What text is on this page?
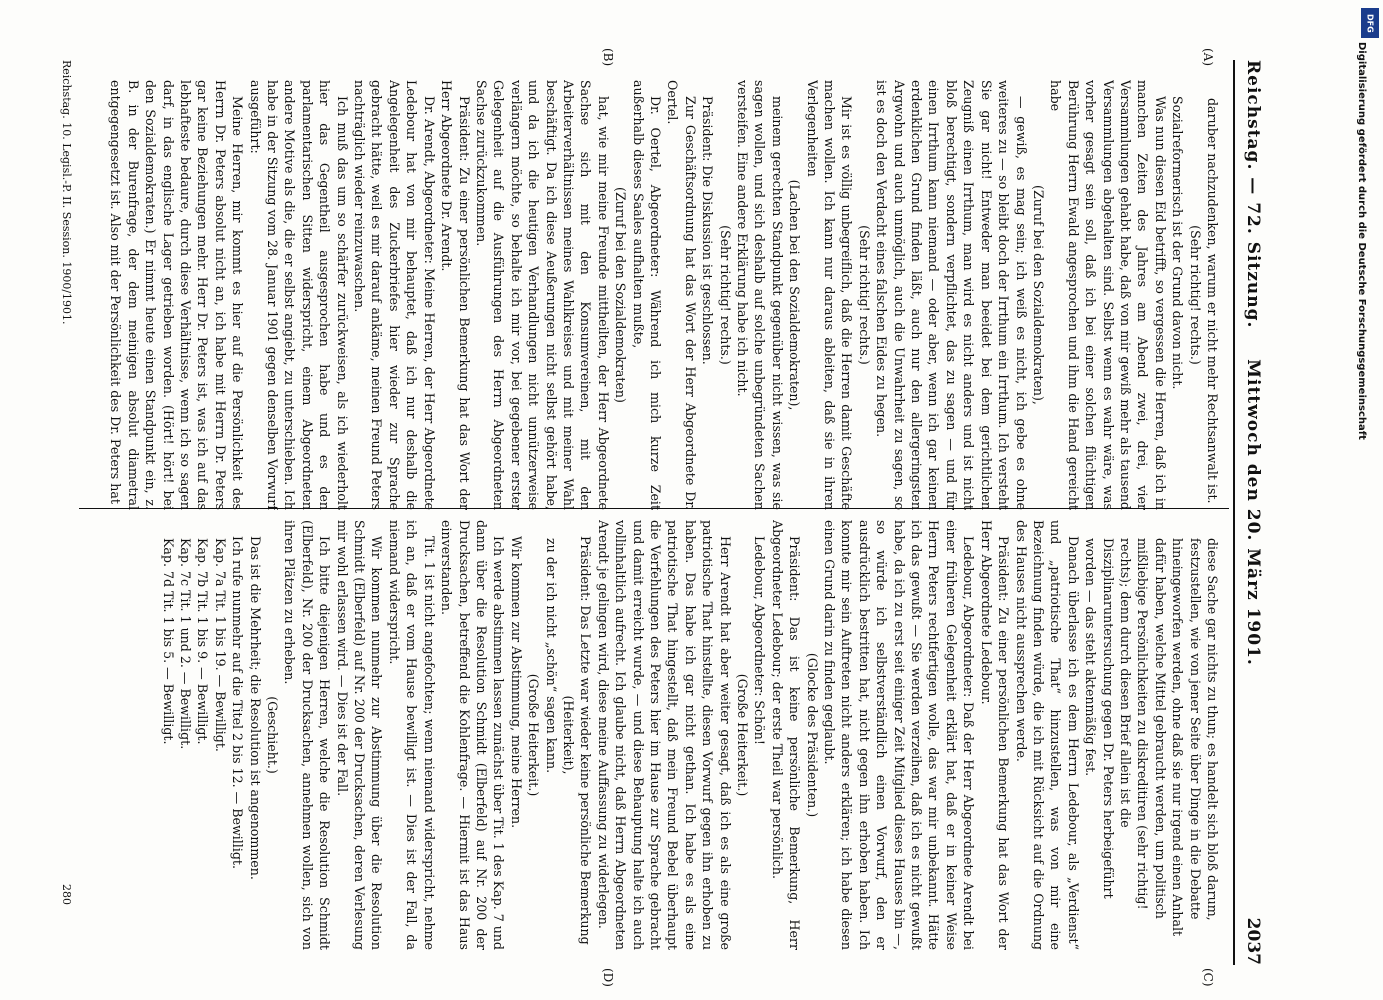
Reichstag. — 72. Sitzung.
Mittwoch den 20. März 1901.
2037
(A)
(B)
(C)
(D)

daruber nachzudenken, warum er nicht mehr Rechtsanwalt ist.

(Sehr richtig! rechts.)

Sozialreformerisch ist der Grund davon nicht.

Was nun diesen Eid betrifft, so vergessen die Herren, daß ich in manchen Zeiten des Jahres am Abend zwei, drei, vier Versammlungen gehabt habe, daß von mir gewiß mehr als tausend Versammlungen abgehalten sind. Selbst wenn es wahr wäre, was vorher gesagt sein soll, daß ich bei einer solchen flüchtigen Berührung Herrn Ewald angesprochen und ihm die Hand gereicht habe

(Zuruf bei den Sozialdemokraten),

— gewiß, es mag sein; ich weiß es nicht, ich gebe es ohne weiteres zu — so bleibt doch der Irrthum ein Irrthum. Ich versteht Sie gar nicht! Entweder man beeidet bei dem gerichtlichen Zeugniß einen Irrthum, man wird es nicht anders und ist nicht bloß berechtigt, sondern verpflichtet, das zu sagen — und für einen Irrthum kann niemand — oder aber, wenn ich gar keinen erdenklichen Grund finden läßt, auch nur den allergeringsten Argwohn und auch unmöglich, auch die Unwahrheit zu sagen, so ist es doch den Verdacht eines falschen Eides zu hegen.

(Sehr richtig! rechts.)

Mir ist es völlig unbegreiflich, daß die Herren damit Geschäfte machen wollen. Ich kann nur daraus ableiten, daß sie in ihren Verlegenheiten

(Lachen bei den Sozialdemokraten),

meinem gerechten Standpunkt gegenüber nicht wissen, was sie sagen wollen, und sich deshalb auf solche unbegründeten Sachen versteifen. Eine andere Erklärung habe ich nicht.

(Sehr richtig! rechts.)

Präsident: Die Diskussion ist geschlossen.

Zur Geschäftsordnung hat das Wort der Herr Abgeordnete Dr. Oertel.

Dr. Oertel, Abgeordneter: Während ich mich kurze Zeit außerhalb dieses Saales aufhalten mußte,

(Zuruf bei den Sozialdemokraten)

hat, wie mir meine Freunde mittheilten, der Herr Abgeordnete Sachse sich mit den Konsumvereinen, mit den Arbeiterverhältnissen meines Wahlkreises und mit meiner Wahl beschäftigt. Da ich diese Aeußerungen nicht selbst gehört habe, und da ich die heutigen Verhandlungen nicht unnützerweise verlängern möchte, so behalte ich mir vor, bei gegebener erster Gelegenheit auf die Ausführungen des Herrn Abgeordneten Sachse zurückzukommen.

Präsident: Zu einer persönlichen Bemerkung hat das Wort der Herr Abgeordnete Dr. Arendt.

Dr. Arendt, Abgeordneter: Meine Herren, der Herr Abgeordnete Ledebour hat von mir behauptet, daß ich nur deshalb die Angelegenheit des Zuckerbriefes hier wieder zur Sprache gebracht hätte, weil es mir darauf ankäme, meinen Freund Peters nachträglich wieder reinzuwaschen.

Ich muß das um so schärfer zurückweisen, als ich wiederholt hier das Gegentheil ausgesprochen habe und es den parlamentarischen Sitten widerspricht, einem Abgeordneten andere Motive als die, die er selbst angiebt, zu unterschieben. Ich habe in der Sitzung vom 28. Januar 1901 gegen denselben Vorwurf ausgeführt:

Meine Herren, mir kommt es hier auf die Persönlichkeit des Herrn Dr. Peters absolut nicht an, ich habe mit Herrn Dr. Peters gar keine Beziehungen mehr. Herr Dr. Peters ist, was ich auf das lebhafteste bedaure, durch diese Verhältnisse, wenn ich so sagen darf, in das englische Lager getrieben worden. (Hört! hört! bei den Sozialdemokraten.) Er nimmt heute einen Standpunkt ein, z. B. in der Burenfrage, der dem meinigen absolut diametral entgegengesetzt ist. Also mit der Persönlichkeit des Dr. Peters hat

diese Sache gar nichts zu thun; es handelt sich bloß darum, festzustellen, wie von jener Seite über Dinge in die Debatte hineingeworfen werden, ohne daß sie nur irgend einen Anhalt dafür haben, welche Mittel gebraucht werden, um politisch mißliebige Persönlichkeiten zu diskreditiren (sehr richtig! rechts); denn durch diesen Brief allein ist die Disziplinaruntersuchung gegen Dr. Peters herbeigeführt worden — das steht aktenmäßig fest.

Danach überlasse ich es dem Herrn Ledebour, als „Verdienst“ und „patriotische That“ hinzustellen, was von mir eine Bezeichnung finden würde, die ich mit Rücksicht auf die Ordnung des Hauses nicht aussprechen werde.

Präsident: Zu einer persönlichen Bemerkung hat das Wort der Herr Abgeordnete Ledebour.

Ledebour, Abgeordneter: Daß der Herr Abgeordnete Arendt bei einer früheren Gelegenheit erklärt hat, daß er in keiner Weise Herrn Peters rechtfertigen wolle, das war mir unbekannt. Hätte ich das gewußt — Sie werden verzeihen, daß ich es nicht gewußt habe, da ich zu erst seit einiger Zeit Mitglied dieses Hauses bin —, so würde ich selbstverständlich einen Vorwurf, den er ausdrücklich bestritten hat, nicht gegen ihn erhoben haben. Ich konnte mir sein Auftreten nicht anders erklären; ich habe diesen einen Grund darin zu finden geglaubt.

(Glocke des Präsidenten.)

Präsident: Das ist keine persönliche Bemerkung, Herr Abgeordneter Ledebour; der erste Theil war persönlich.

Ledebour, Abgeordneter: Schön!

(Große Heiterkeit.)

Herr Arendt hat aber weiter gesagt, daß ich es als eine große patriotische That hinstellte, diesen Vorwurf gegen ihn erhoben zu haben. Das habe ich gar nicht gethan. Ich habe es als eine patriotische That hingestellt, daß mein Freund Bebel überhaupt die Verfehlungen des Peters hier im Hause zur Sprache gebracht und damit erreicht wurde, — und diese Behauptung halte ich auch vollinhaltlich aufrecht. Ich glaube nicht, daß Herrn Abgeordneten Arendt je gelingen wird, diese meine Auffassung zu widerlegen.

Präsident: Das Letzte war wieder keine persönliche Bemerkung

(Heiterkeit),

zu der ich nicht „schön“ sagen kann.

(Große Heiterkeit.)

Wir kommen zur Abstimmung, meine Herren.

Ich werde abstimmen lassen zunächst über Tit. 1 des Kap. 7 und dann über die Resolution Schmidt (Elberfeld) auf Nr. 200 der Drucksachen, betreffend die Kohlenfrage. — Hiermit ist das Haus einverstanden.

Tit. 1 ist nicht angefochten; wenn niemand widerspricht, nehme ich an, daß er vom Hause bewilligt ist. — Dies ist der Fall, da niemand widerspricht.

Wir kommen nunmehr zur Abstimmung über die Resolution Schmidt (Elberfeld) auf Nr. 200 der Drucksachen, deren Verlesung mir wohl erlassen wird. — Dies ist der Fall.

Ich bitte diejenigen Herren, welche die Resolution Schmidt (Elberfeld), Nr. 200 der Drucksachen, annehmen wollen, sich von ihren Plätzen zu erheben.

(Geschieht.)

Das ist die Mehrheit; die Resolution ist angenommen.

Ich rufe nunmehr auf die Titel 2 bis 12. — Bewilligt.

Kap. 7a Tit. 1 bis 19. — Bewilligt.

Kap. 7b Tit. 1 bis 9. — Bewilligt.

Kap. 7c Tit. 1 und 2. — Bewilligt.

Kap. 7d Tit. 1 bis 5. — Bewilligt.

Reichstag. 10. Legisl.-P. II. Session. 1900/1901.
280
DFG
Digitalisierung gefördert durch die Deutsche Forschungsgemeinschaft
